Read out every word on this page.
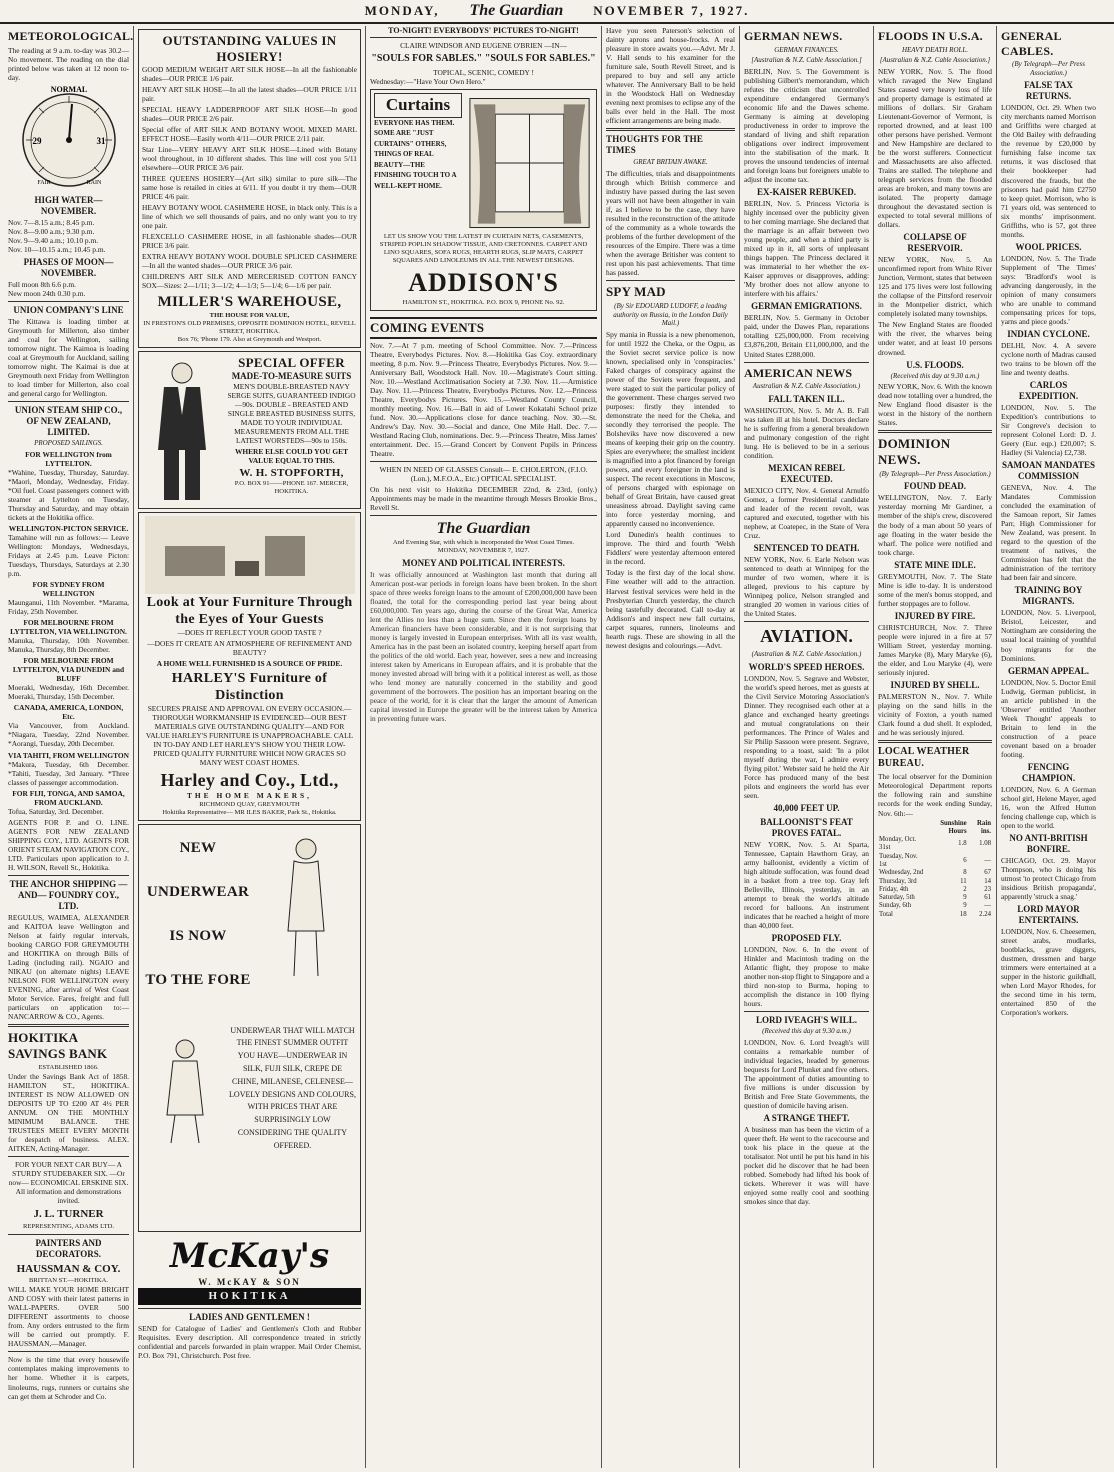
MONDAY, The Guardian NOVEMBER 7, 1927.
METEOROLOGICAL.

The reading at 9 a.m. to-day was 30.2—No movement. The reading on the dial printed below was taken at 12 noon to-day.

NORMAL
29	31
FAIR	RAIN
HIGH WATER—NOVEMBER.
Nov. 7—8.15 a.m.; 8.45 p.m.
Nov. 8—9.00 a.m.; 9.30 p.m.
Nov. 9—9.40 a.m.; 10.10 p.m.
Nov. 10—10.15 a.m.; 10.45 p.m.
PHASES OF MOON—NOVEMBER.
Full moon 8th 6.6 p.m.
New moon 24th 0.30 p.m.
UNION COMPANY'S LINE

The Kittawa is loading timber at Greymouth for Millerton, also timber and coal for Wellington, sailing tomorrow night. The Kaimoa is loading coal at Greymouth for Auckland, sailing tomorrow night. The Kaimai is due at Greymouth next Friday from Wellington to load timber for Millerton, also coal and general cargo for Wellington.

UNION STEAM SHIP CO., OF NEW ZEALAND, LIMITED.
PROPOSED SAILINGS.
FOR WELLINGTON from LYTTELTON.

*Wahine, Tuesday, Thursday, Saturday. *Maori, Monday, Wednesday, Friday. *Oil fuel. Coast passengers connect with steamer at Lyttelton on Tuesday, Thursday and Saturday, and may obtain tickets at the Hokitika office.

WELLINGTON-PICTON SERVICE.

Tamahine will run as follows:— Leave Wellington: Mondays, Wednesdays, Fridays at 2.45 p.m. Leave Picton: Tuesdays, Thursdays, Saturdays at 2.30 p.m.

FOR SYDNEY FROM WELLINGTON

Maunganui, 11th November. *Marama, Friday, 25th November.

FOR MELBOURNE FROM LYTTELTON, VIA WELLINGTON.

Manuka, Thursday, 10th November. Manuka, Thursday, 8th December.

FOR MELBOURNE FROM LYTTELTON, VIA DUNEDIN and BLUFF

Moeraki, Wednesday, 16th December. Moeraki, Thursday, 15th December.

CANADA, AMERICA, LONDON, Etc.

Via Vancouver, from Auckland. *Niagara, Tuesday, 22nd November. *Aorangi, Tuesday, 20th December.

VIA TAHITI, FROM WELLINGTON

*Makura, Tuesday, 6th December. *Tahiti, Tuesday, 3rd January. *Three classes of passenger accommodation.

FOR FIJI, TONGA, AND SAMOA, FROM AUCKLAND.

Tofua, Saturday, 3rd. December.

AGENTS FOR P. and O. LINE. AGENTS FOR NEW ZEALAND SHIPPING COY., LTD. AGENTS FOR ORIENT STEAM NAVIGATION COY., LTD. Particulars upon application to J. H. WILSON, Revell St., Hokitika.

THE ANCHOR SHIPPING —AND— FOUNDRY COY., LTD.

REGULUS, WAIMEA, ALEXANDER and KAITOA leave Wellington and Nelson at fairly regular intervals, booking CARGO FOR GREYMOUTH and HOKITIKA on through Bills of Lading (including rail). NGAIO and NIKAU (on alternate nights) LEAVE NELSON FOR WELLINGTON every EVENING, after arrival of West Coast Motor Service. Fares, freight and full particulars on application to:— NANCARROW & CO., Agents.

HOKITIKA SAVINGS BANK
ESTABLISHED 1866.

Under the Savings Bank Act of 1858. HAMILTON ST., HOKITIKA. INTEREST IS NOW ALLOWED ON DEPOSITS UP TO £200 AT 4½ PER ANNUM. ON THE MONTHLY MINIMUM BALANCE. THE TRUSTEES MEET EVERY MONTH for despatch of business. ALEX. AITKEN, Acting-Manager.

FOR YOUR NEXT CAR BUY— A STURDY STUDEBAKER SIX. —Or now— ECONOMICAL ERSKINE SIX. All information and demonstrations invited.

J. L. TURNER
REPRESENTING, ADAMS LTD.
PAINTERS AND DECORATORS.
HAUSSMAN & COY.
BRITTAN ST.—HOKITIKA.

WILL MAKE YOUR HOME BRIGHT AND COSY with their latest patterns in WALL-PAPERS. OVER 500 DIFFERENT assortments to choose from. Any orders entrusted to the firm will be carried out promptly. F. HAUSSMAN,—Manager.

Now is the time that every housewife contemplates making improvements to her home. Whether it is carpets, linoleums, rugs, runners or curtains she can get them at Schroder and Co.

OUTSTANDING VALUES IN HOSIERY!

GOOD MEDIUM WEIGHT ART SILK HOSE—In all the fashionable shades—OUR PRICE 1/6 pair.

HEAVY ART SILK HOSE—In all the latest shades—OUR PRICE 1/11 pair.

SPECIAL HEAVY LADDERPROOF ART SILK HOSE—In good shades—OUR PRICE 2/6 pair.

Special offer of ART SILK AND BOTANY WOOL MIXED MARL EFFECT HOSE—Easily worth 4/11—OUR PRICE 2/11 pair.

Star Line—VERY HEAVY ART SILK HOSE—Lined with Botany wool throughout, in 10 different shades. This line will cost you 5/11 elsewhere—OUR PRICE 3/6 pair.

THREE QUEENS HOSIERY—(Art silk) similar to pure silk—The same hose is retailed in cities at 6/11. If you doubt it try them—OUR PRICE 4/6 pair.

HEAVY BOTANY WOOL CASHMERE HOSE, in black only. This is a line of which we sell thousands of pairs, and no only want you to try one pair.

FLEXCELLO CASHMERE HOSE, in all fashionable shades—OUR PRICE 3/6 pair.

EXTRA HEAVY BOTANY WOOL DOUBLE SPLICED CASHMERE—In all the wanted shades—OUR PRICE 3/6 pair.

CHILDREN'S ART SILK AND MERCERISED COTTON FANCY SOX—Sizes: 2—1/11; 3—1/2; 4—1/3; 5—1/4; 6—1/6 per pair.

MILLER'S WAREHOUSE,
THE HOUSE FOR VALUE,
IN FRESTON'S OLD PREMISES, OPPOSITE DOMINION HOTEL, REVELL STREET, HOKITIKA.
Box 76; 'Phone 179. Also at Greymouth and Westport.
SPECIAL OFFER
MADE-TO-MEASURE SUITS

MEN'S DOUBLE-BREASTED NAVY SERGE SUITS, GUARANTEED INDIGO—90s. DOUBLE - BREASTED AND SINGLE BREASTED BUSINESS SUITS, MADE TO YOUR INDIVIDUAL MEASUREMENTS FROM ALL THE LATEST WORSTEDS—90s to 150s.

WHERE ELSE COULD YOU GET VALUE EQUAL TO THIS.

W. H. STOPFORTH,
P.O. BOX 91——PHONE 167. MERCER, HOKITIKA.
Look at Your Furniture Through the Eyes of Your Guests

—DOES IT REFLECT YOUR GOOD TASTE ?

—DOES IT CREATE AN ATMOSPHERE OF REFINEMENT AND BEAUTY?

A HOME WELL FURNISHED IS A SOURCE OF PRIDE.

HARLEY'S Furniture of Distinction

SECURES PRAISE AND APPROVAL ON EVERY OCCASION.—THOROUGH WORKMANSHIP IS EVIDENCED—OUR BEST MATERIALS GIVE OUTSTANDING QUALITY—AND FOR VALUE HARLEY'S FURNITURE IS UNAPPROACHABLE. CALL IN TO-DAY AND LET HARLEY'S SHOW YOU THEIR LOW-PRICED QUALITY FURNITURE WHICH NOW GRACES SO MANY WEST COAST HOMES.

Harley and Coy., Ltd.,
THE HOME MAKERS,
RICHMOND QUAY, GREYMOUTH
Hokitika Representative— MR ILES BAKER, Park St., Hokitika.
NEW
UNDERWEAR
IS NOW
TO THE FORE

UNDERWEAR THAT WILL MATCH THE FINEST SUMMER OUTFIT YOU HAVE—UNDERWEAR IN SILK, FUJI SILK, CREPE DE CHINE, MILANESE, CELENESE—LOVELY DESIGNS AND COLOURS, WITH PRICES THAT ARE SURPRISINGLY LOW CONSIDERING THE QUALITY OFFERED.

McKay's
W. McKAY & SON
HOKITIKA
LADIES AND GENTLEMEN !

SEND for Catalogue of Ladies' and Gentlemen's Cloth and Rubber Requisites. Every description. All correspondence treated in strictly confidential and parcels forwarded in plain wrapper. Mail Order Chemist, P.O. Box 791, Christchurch. Post free.

TO-NIGHT! EVERYBODYS' PICTURES TO-NIGHT!
CLAIRE WINDSOR AND EUGENE O'BRIEN —IN—
"SOULS FOR SABLES." "SOULS FOR SABLES."
TOPICAL, SCENIC, COMEDY !
Wednesday:—"Have Your Own Hero."
Curtains

EVERYONE HAS THEM. SOME ARE "JUST CURTAINS" OTHERS, THINGS OF REAL BEAUTY—THE FINISHING TOUCH TO A WELL-KEPT HOME.

LET US SHOW YOU THE LATEST IN CURTAIN NETS, CASEMENTS, STRIPED POPLIN SHADOW TISSUE, AND CRETONNES. CARPET AND LINO SQUARES, SOFA RUGS, HEARTH RUGS, SLIP MATS, CARPET SQUARES AND LINOLEUMS IN ALL THE NEWEST DESIGNS.

ADDISON'S
HAMILTON ST., HOKITIKA. P.O. BOX 9, PHONE No. 92.
COMING EVENTS

Nov. 7.—At 7 p.m. meeting of School Committee. Nov. 7.—Princess Theatre, Everybodys Pictures. Nov. 8.—Hokitika Gas Coy. extraordinary meeting, 8 p.m. Nov. 9.—Princess Theatre, Everybodys Pictures. Nov. 9.—Anniversary Ball, Woodstock Hall. Nov. 10.—Magistrate's Court sitting. Nov. 10.—Westland Acclimatisation Society at 7.30. Nov. 11.—Armistice Day. Nov. 11.—Princess Theatre, Everybodys Pictures. Nov. 12.—Princess Theatre, Everybodys Pictures. Nov. 15.—Westland County Council, monthly meeting. Nov. 16.—Ball in aid of Lower Kokatahi School prize fund. Nov. 30.—Applications close for dance teaching. Nov. 30.—St. Andrew's Day. Nov. 30.—Social and dance, One Mile Hall. Dec. 7.—Westland Racing Club, nominations. Dec. 9.—Princess Theatre, Miss James' entertainment. Dec. 15.—Grand Concert by Convent Pupils in Princess Theatre.

WHEN IN NEED OF GLASSES Consult— E. CHOLERTON, (F.I.O. (Lon.), M.F.O.A., Etc.) OPTICAL SPECIALIST.

On his next visit to Hokitika DECEMBER 22nd, & 23rd, (only.) Appointments may be made in the meantime through Messrs Brookie Bros., Revell St.

The Guardian
And Evening Star, with which is incorporated the West Coast Times.
MONDAY, NOVEMBER 7, 1927.
MONEY AND POLITICAL INTERESTS.

It was officially announced at Washington last month that during all American post-war periods in foreign loans have been broken. In the short space of three weeks foreign loans to the amount of £200,000,000 have been floated, the total for the corresponding period last year being about £60,000,000. Ten years ago, during the course of the Great War, America lent the Allies no less than a huge sum. Since then the foreign loans by American financiers have been considerable, and it is not surprising that money is largely invested in European enterprises. With all its vast wealth, America has in the past been an isolated country, keeping herself apart from the politics of the old world. Each year, however, sees a new and increasing interest taken by Americans in European affairs, and it is probable that the money invested abroad will bring with it a political interest as well, as those who lend money are naturally concerned in the stability and good government of the borrowers. The position has an important bearing on the peace of the world, for it is clear that the larger the amount of American capital invested in Europe the greater will be the interest taken by America in preventing future wars.

Have you seen Paterson's selection of dainty aprons and house-frocks. A real pleasure in store awaits you.—Advt. Mr J. V. Hall sends to his examiner for the furniture sale, South Revell Street, and is prepared to buy and sell any article whatever. The Anniversary Ball to be held in the Woodstock Hall on Wednesday evening next promises to eclipse any of the balls ever held in the Hall. The most efficient arrangements are being made.

THOUGHTS FOR THE TIMES
GREAT BRITAIN AWAKE.

The difficulties, trials and disappointments through which British commerce and industry have passed during the last seven years will not have been altogether in vain if, as I believe to be the case, they have resulted in the reconstruction of the attitude of the community as a whole towards the problems of the further development of the resources of the Empire. There was a time when the average Britisher was content to rest upon his past achievements. That time has passed.

SPY MAD
(By Sir EDOUARD LUDOFF, a leading authority on Russia, in the London Daily Mail.)

Spy mania in Russia is a new phenomenon, for until 1922 the Cheka, or the Ogpu, as the Soviet secret service police is now known, specialised only in 'conspiracies.' Faked charges of conspiracy against the power of the Soviets were frequent, and were staged to suit the particular policy of the government. These charges served two purposes: firstly they intended to demonstrate the need for the Cheka, and secondly they terrorised the people. The Bolsheviks have now discovered a new means of keeping their grip on the country. Spies are everywhere; the smallest incident is magnified into a plot financed by foreign powers, and every foreigner in the land is suspect. The recent executions in Moscow, of persons charged with espionage on behalf of Great Britain, have caused great uneasiness abroad. Daylight saving came into force yesterday morning, and apparently caused no inconvenience.

Lord Dunedin's health continues to improve. The third and fourth 'Welsh Fiddlers' were yesterday afternoon entered in the record.

Today is the first day of the local show. Fine weather will add to the attraction. Harvest festival services were held in the Presbyterian Church yesterday, the church being tastefully decorated. Call to-day at Addison's and inspect new fall curtains, carpet squares, runners, linoleums and hearth rugs. These are showing in all the newest designs and colourings.—Advt.

GERMAN NEWS.
GERMAN FINANCES.
[Australian & N.Z. Cable Association.]

BERLIN, Nov. 5. The Government is publishing Gilbert's memorandum, which refutes the criticism that uncontrolled expenditure endangered Germany's economic life and the Dawes scheme. Germany is aiming at developing productiveness in order to improve the standard of living and shift reparation obligations over indirect improvement into the stabilisation of the mark. It proves the unsound tendencies of internal and foreign loans but foreigners unable to adjust the income tax.

EX-KAISER REBUKED.

BERLIN, Nov. 5. Princess Victoria is highly incensed over the publicity given to her coming marriage. She declared that the marriage is an affair between two young people, and when a third party is mixed up in it, all sorts of unpleasant things happen. The Princess declared it was immaterial to her whether the ex-Kaiser approves or disapproves, adding: 'My brother does not allow anyone to interfere with his affairs.'

GERMAN EMIGRATIONS.

BERLIN, Nov. 5. Germany in October paid, under the Dawes Plan, reparations totalling £25,000,000. From receiving £3,876,200, Britain £11,000,000, and the United States £288,000.

AMERICAN NEWS
Australian & N.Z. Cable Association.)
FALL TAKEN ILL.

WASHINGTON, Nov. 5. Mr A. B. Fall was taken ill at his hotel. Doctors declare he is suffering from a general breakdown and pulmonary congestion of the right lung. He is believed to be in a serious condition.

MEXICAN REBEL EXECUTED.

MEXICO CITY, Nov. 4. General Arnulfo Gomez, a former Presidential candidate and leader of the recent revolt, was captured and executed, together with his nephew, at Coatepec, in the State of Vera Cruz.

SENTENCED TO DEATH.

NEW YORK, Nov. 6. Earle Nelson was sentenced to death at Winnipeg for the murder of two women, where it is alleged, previous to his capture by Winnipeg police, Nelson strangled and strangled 20 women in various cities of the United States.

AVIATION.
(Australian & N.Z. Cable Association.)
WORLD'S SPEED HEROES.

LONDON, Nov. 5. Segrave and Webster, the world's speed heroes, met as guests at the Civil Service Motoring Association's Dinner. They recognised each other at a glance and exchanged hearty greetings and mutual congratulations on their performances. The Prince of Wales and Sir Philip Sassoon were present. Segrave, responding to a toast, said: 'In a pilot myself during the war, I admire every flying pilot.' Webster said he held the Air Force has produced many of the best pilots and engineers the world has ever seen.

40,000 FEET UP.
BALLOONIST'S FEAT PROVES FATAL.

NEW YORK, Nov. 5. At Sparta, Tennessee, Captain Hawthorn Gray, an army balloonist, evidently a victim of high altitude suffocation, was found dead in a basket from a tree top. Gray left Belleville, Illinois, yesterday, in an attempt to break the world's altitude record for balloons. An instrument indicates that he reached a height of more than 40,000 feet.

PROPOSED FLY.

LONDON, Nov. 6. In the event of Hinkler and Macintosh trading on the Atlantic flight, they propose to make another non-stop flight to Singapore and a third non-stop to Burma, hoping to accomplish the distance in 100 flying hours.

LORD IVEAGH'S WILL.
(Received this day at 9.30 a.m.)

LONDON, Nov. 6. Lord Iveagh's will contains a remarkable number of individual legacies, headed by generous bequests for Lord Plunket and five others. The appointment of duties amounting to five millions is under discussion by British and Free State Governments, the question of domicile having arisen.

A STRANGE THEFT.

A business man has been the victim of a queer theft. He went to the racecourse and took his place in the queue at the totalisator. Not until he put his hand in his pocket did he discover that he had been robbed. Somebody had lifted his book of tickets. Wherever it was will have enjoyed some really cool and soothing smokes since that day.

FLOODS IN U.S.A.
HEAVY DEATH ROLL.
[Australian & N.Z. Cable Association.]

NEW YORK, Nov. 5. The flood which ravaged the New England States caused very heavy loss of life and property damage is estimated at millions of dollars. Sir Graham Lieutenant-Governor of Vermont, is reported drowned, and at least 100 other persons have perished. Vermont and New Hampshire are declared to be the worst sufferers. Connecticut and Massachusetts are also affected. Trains are stalled. The telephone and telegraph services from the flooded areas are broken, and many towns are isolated. The property damage throughout the devastated section is expected to total several millions of dollars.

COLLAPSE OF RESERVOIR.

NEW YORK, Nov. 5. An unconfirmed report from White River Junction, Vermont, states that between 125 and 175 lives were lost following the collapse of the Pittsford reservoir in the Montpelier district, which completely isolated many townships.

The New England States are flooded with the river, the wharves being under water, and at least 10 persons drowned.

U.S. FLOODS.
(Received this day at 9.30 a.m.)

NEW YORK, Nov. 6. With the known dead now totalling over a hundred, the New England flood disaster is the worst in the history of the northern States.

DOMINION NEWS.
(By Telegraph—Per Press Association.)
FOUND DEAD.

WELLINGTON, Nov. 7. Early yesterday morning Mr Gardiner, a member of the ship's crew, discovered the body of a man about 50 years of age floating in the water beside the wharf. The police were notified and took charge.

STATE MINE IDLE.

GREYMOUTH, Nov. 7. The State Mine is idle to-day. It is understood some of the men's bonus stopped, and further stoppages are to follow.

INJURED BY FIRE.

CHRISTCHURCH, Nov. 7. Three people were injured in a fire at 57 William Street, yesterday morning. James Maryke (8), Mary Maryke (6), the elder, and Lou Maryke (4), were seriously injured.

INJURED BY SHELL.

PALMERSTON N., Nov. 7. While playing on the sand hills in the vicinity of Foxton, a youth named Clark found a dud shell. It exploded, and he was seriously injured.

LOCAL WEATHER BUREAU.

The local observer for the Dominion Meteorological Department reports the following rain and sunshine records for the week ending Sunday, Nov. 6th:—

	Sunshine Hours	Rain ins.
Monday, Oct. 31st	1.8	1.08
Tuesday, Nov. 1st	6	—
Wednesday, 2nd	8	67
Thursday, 3rd	11	14
Friday, 4th	2	23
Saturday, 5th	9	61
Sunday, 6th	9	—
Total	18	2.24
GENERAL CABLES.
(By Telegraph—Per Press Association.)
FALSE TAX RETURNS.

LONDON, Oct. 29. When two city merchants named Morrison and Griffiths were charged at the Old Bailey with defrauding the revenue by £20,000 by furnishing false income tax returns, it was disclosed that their bookkeeper had discovered the frauds, but the prisoners had paid him £2750 to keep quiet. Morrison, who is 71 years old, was sentenced to six months' imprisonment. Griffiths, who is 57, got three months.

WOOL PRICES.

LONDON, Nov. 5. The Trade Supplement of 'The Times' says: 'Bradford's wool is advancing dangerously, in the opinion of many consumers who are unable to command compensating prices for tops, yarns and piece goods.'

INDIAN CYCLONE.

DELHI, Nov. 4. A severe cyclone north of Madras caused two trains to be blown off the line and twenty deaths.

CARLOS EXPEDITION.

LONDON, Nov. 5. The Expedition's contributions to Sir Congreve's decision to represent Colonel Lord: D. J. Geery (Eur. eqp.) £20,007; S. Hadley (Si Valencia) £2,738.

SAMOAN MANDATES COMMISSION

GENEVA, Nov. 4. The Mandates Commission concluded the examination of the Samoan report, Sir James Parr, High Commissioner for New Zealand, was present. In regard to the question of the treatment of natives, the Commission has felt that the administration of the territory had been fair and sincere.

TRAINING BOY MIGRANTS.

LONDON, Nov. 5. Liverpool, Bristol, Leicester, and Nottingham are considering the usual local training of youthful boy migrants for the Dominions.

GERMAN APPEAL.

LONDON, Nov. 5. Doctor Emil Ludwig, German publicist, in an article published in the 'Observer' entitled 'Another Week Thought' appeals to Britain to lend in the construction of a peace covenant based on a broader footing.

FENCING CHAMPION.

LONDON, Nov. 6. A German school girl, Helene Mayer, aged 16, won the Alfred Hutton fencing challenge cup, which is open to the world.

NO ANTI-BRITISH BONFIRE.

CHICAGO, Oct. 29. Mayor Thompson, who is doing his utmost 'to protect Chicago from insidious British propaganda', apparently 'struck a snag.'

LORD MAYOR ENTERTAINS.

LONDON, Nov. 6. Cheesemen, street arabs, mudlarks, bootblacks, grave diggers, dustmen, dressmen and barge trimmers were entertained at a supper in the historic guildhall, when Lord Mayor Rhodes, for the second time in his term, entertained 850 of the Corporation's workers.
